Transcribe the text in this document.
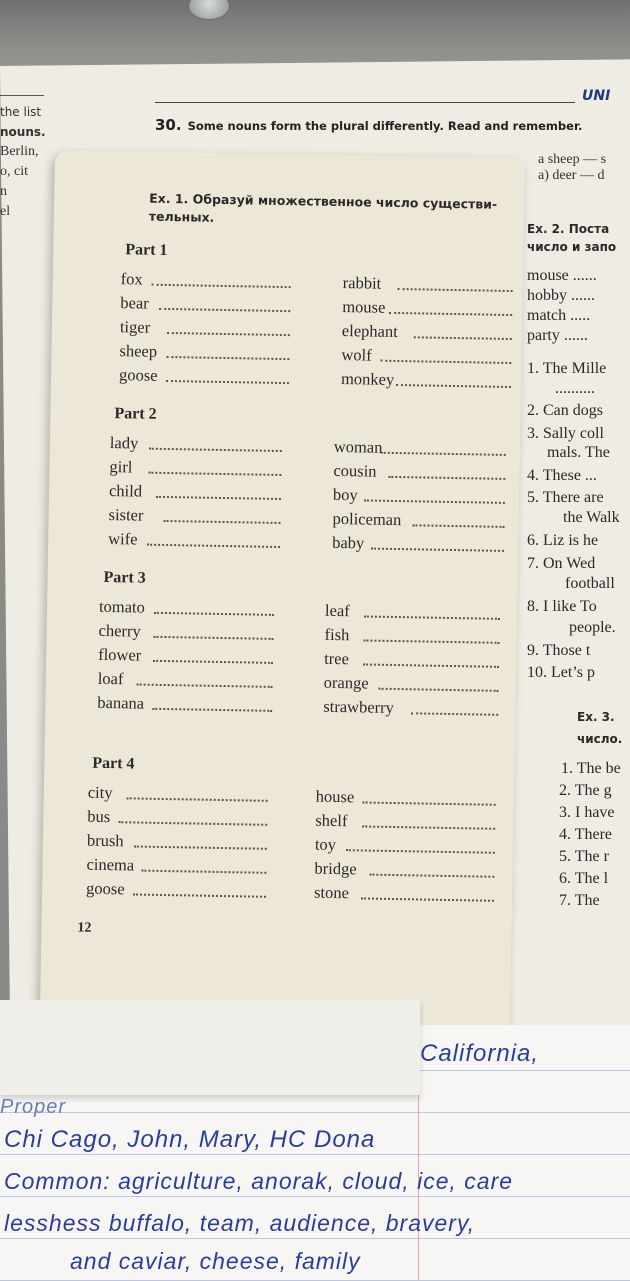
the list
nouns.
Berlin,
o, cit
n
el
UNI
30. Some nouns form the plural differently. Read and remember.
a sheep — s
a) deer — d
Ex. 1. Образуй множественное число существи-
тельных.
Part 1
fox
bear
tiger
sheep
goose
rabbit
mouse
elephant
wolf
monkey
Part 2
lady
girl
child
sister
wife
woman
cousin
boy
policeman
baby
Part 3
tomato
cherry
flower
loaf
banana
leaf
fish
tree
orange
strawberry
Part 4
city
bus
brush
cinema
goose
house
shelf
toy
bridge
stone
12
Ex. 2. Поста
число и запо
mouse ......
hobby ......
match .....
party ......
1. The Mille
..........
2. Can dogs
3. Sally coll
mals. The
4. These ...
5. There are
the Walk
6. Liz is he
7. On Wed
football
8. I like To
people.
9. Those t
10. Let’s p
Ex. 3.
число.
1. The be
2. The g
3. I have
4. There
5. The r
6. The l
7. The
California,
Proper
Chi Cago, John, Mary, HC Dona
Common: agriculture, anorak, cloud, ice, care
lesshess buffalo, team, audience, bravery,
and caviar, cheese, family
